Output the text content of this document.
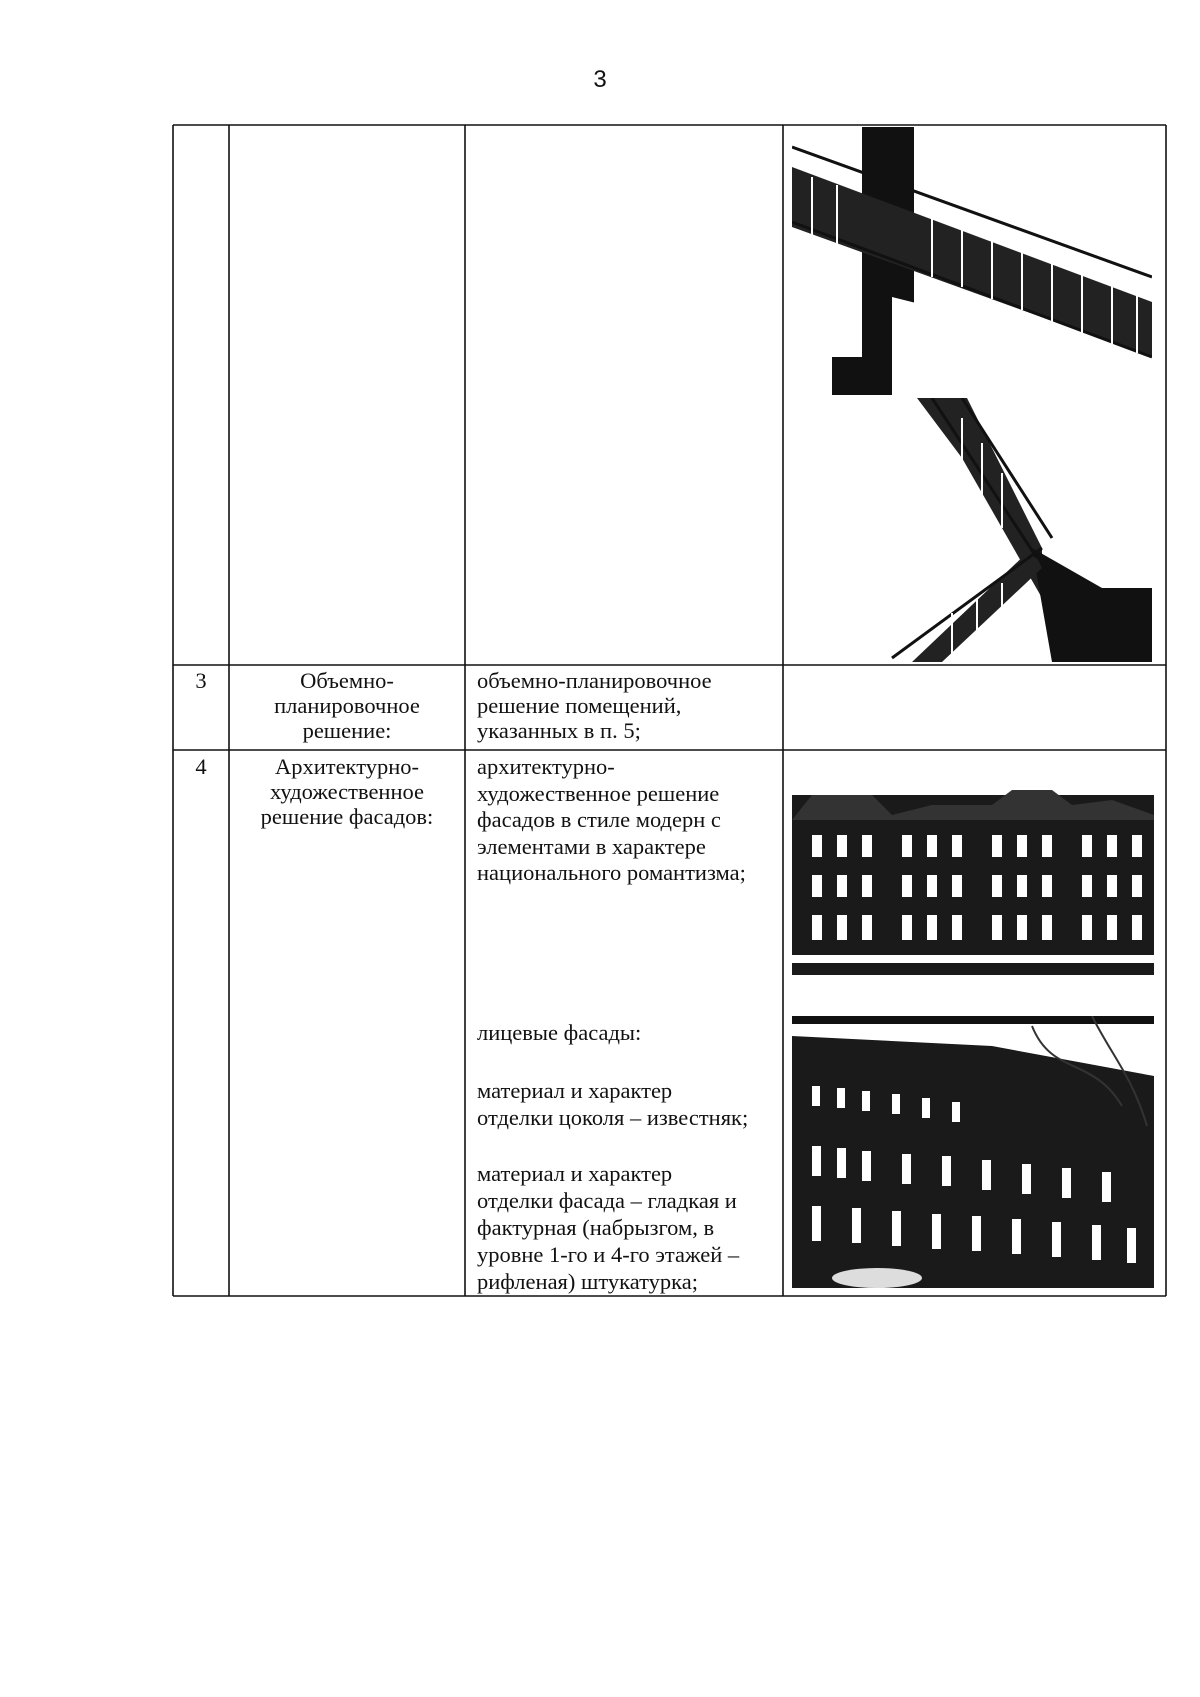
3
3	Объемно-
планировочное
решение:
объемно-планировочное
решение помещений,
указанных в п. 5;
4	Архитектурно-
художественное
решение фасадов:
архитектурно-
художественное решение
фасадов в стиле модерн с
элементами в характере
национального романтизма;
лицевые фасады:
материал и характер
отделки цоколя – известняк;
материал и характер
отделки фасада – гладкая и
фактурная (набрызгом, в
уровне 1-го и 4-го этажей –
рифленая) штукатурка;
